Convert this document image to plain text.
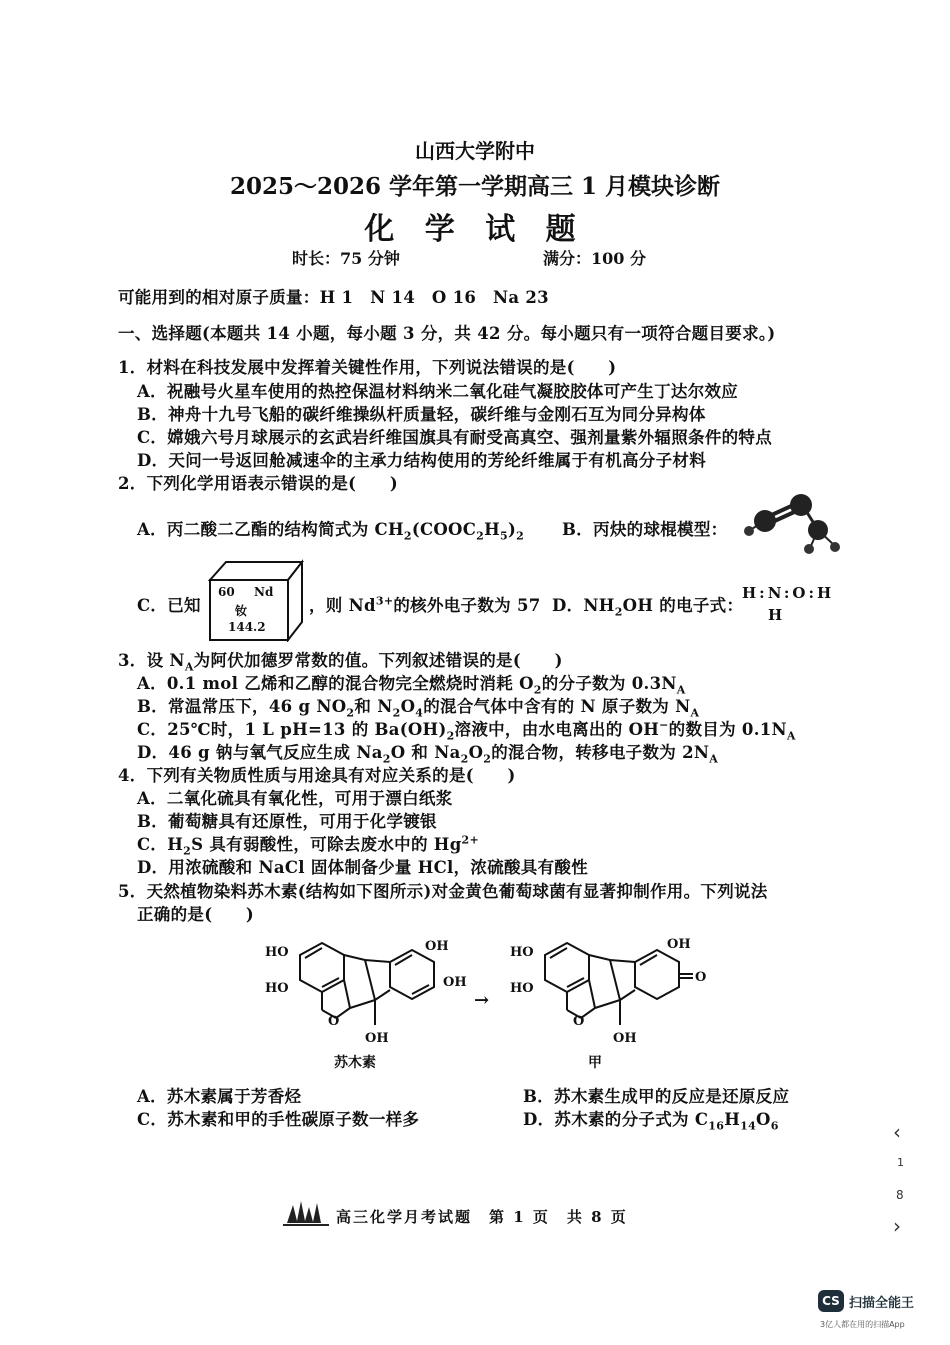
山西大学附中
2025～2026 学年第一学期高三 1 月模块诊断
化 学 试 题
时长：75 分钟	满分：100 分
可能用到的相对原子质量：H 1　N 14　O 16　Na 23
一、选择题(本题共 14 小题，每小题 3 分，共 42 分。每小题只有一项符合题目要求。)
1．材料在科技发展中发挥着关键性作用，下列说法错误的是(　　)
A．祝融号火星车使用的热控保温材料纳米二氧化硅气凝胶胶体可产生丁达尔效应
B．神舟十九号飞船的碳纤维操纵杆质量轻，碳纤维与金刚石互为同分异构体
C．嫦娥六号月球展示的玄武岩纤维国旗具有耐受高真空、强剂量紫外辐照条件的特点
D．天问一号返回舱减速伞的主承力结构使用的芳纶纤维属于有机高分子材料
2．下列化学用语表示错误的是(　　)
A．丙二酸二乙酯的结构简式为 $CH_2(COOC_2H_5)_2$ B．丙炔的球棍模型：
C．已知
60 Nd
钕
144.2
，则 $Nd^{3+}$的核外电子数为 57 D．$NH_2OH$ 的电子式：
H:N:O:H
H
3．设 $N_A$为阿伏加德罗常数的值。下列叙述错误的是(　　)
A．0.1 mol 乙烯和乙醇的混合物完全燃烧时消耗 $O_2$的分子数为 $0.3N_A$
B．常温常压下，46 g $NO_2$和 $N_2O_4$的混合气体中含有的 N 原子数为 $N_A$
C．25℃时，1 L pH=13 的 $Ba(OH)_2$溶液中，由水电离出的 OH−的数目为 $0.1N_A$
D．46 g 钠与氧气反应生成 $Na_2O$ 和 $Na_2O_2$的混合物，转移电子数为 $2N_A$
4．下列有关物质性质与用途具有对应关系的是(　　)
A．二氧化硫具有氧化性，可用于漂白纸浆
B．葡萄糖具有还原性，可用于化学镀银
C．$H_2S$ 具有弱酸性，可除去废水中的 $Hg^{2+}$
D．用浓硫酸和 NaCl 固体制备少量 HCl，浓硫酸具有酸性
5．天然植物染料苏木素(结构如下图所示)对金黄色葡萄球菌有显著抑制作用。下列说法
正确的是(　　)
HO
HO
O
OH
OH
OH
苏木素
→
HO
HO
O
OH
O
OH
甲
A．苏木素属于芳香烃	B．苏木素生成甲的反应是还原反应
C．苏木素和甲的手性碳原子数一样多	D．苏木素的分子式为 $C_{16}H_{14}O_6$
高三化学月考试题　第 1 页　共 8 页
‹
1
8
›
CS 扫描全能王
3亿人都在用的扫描App
